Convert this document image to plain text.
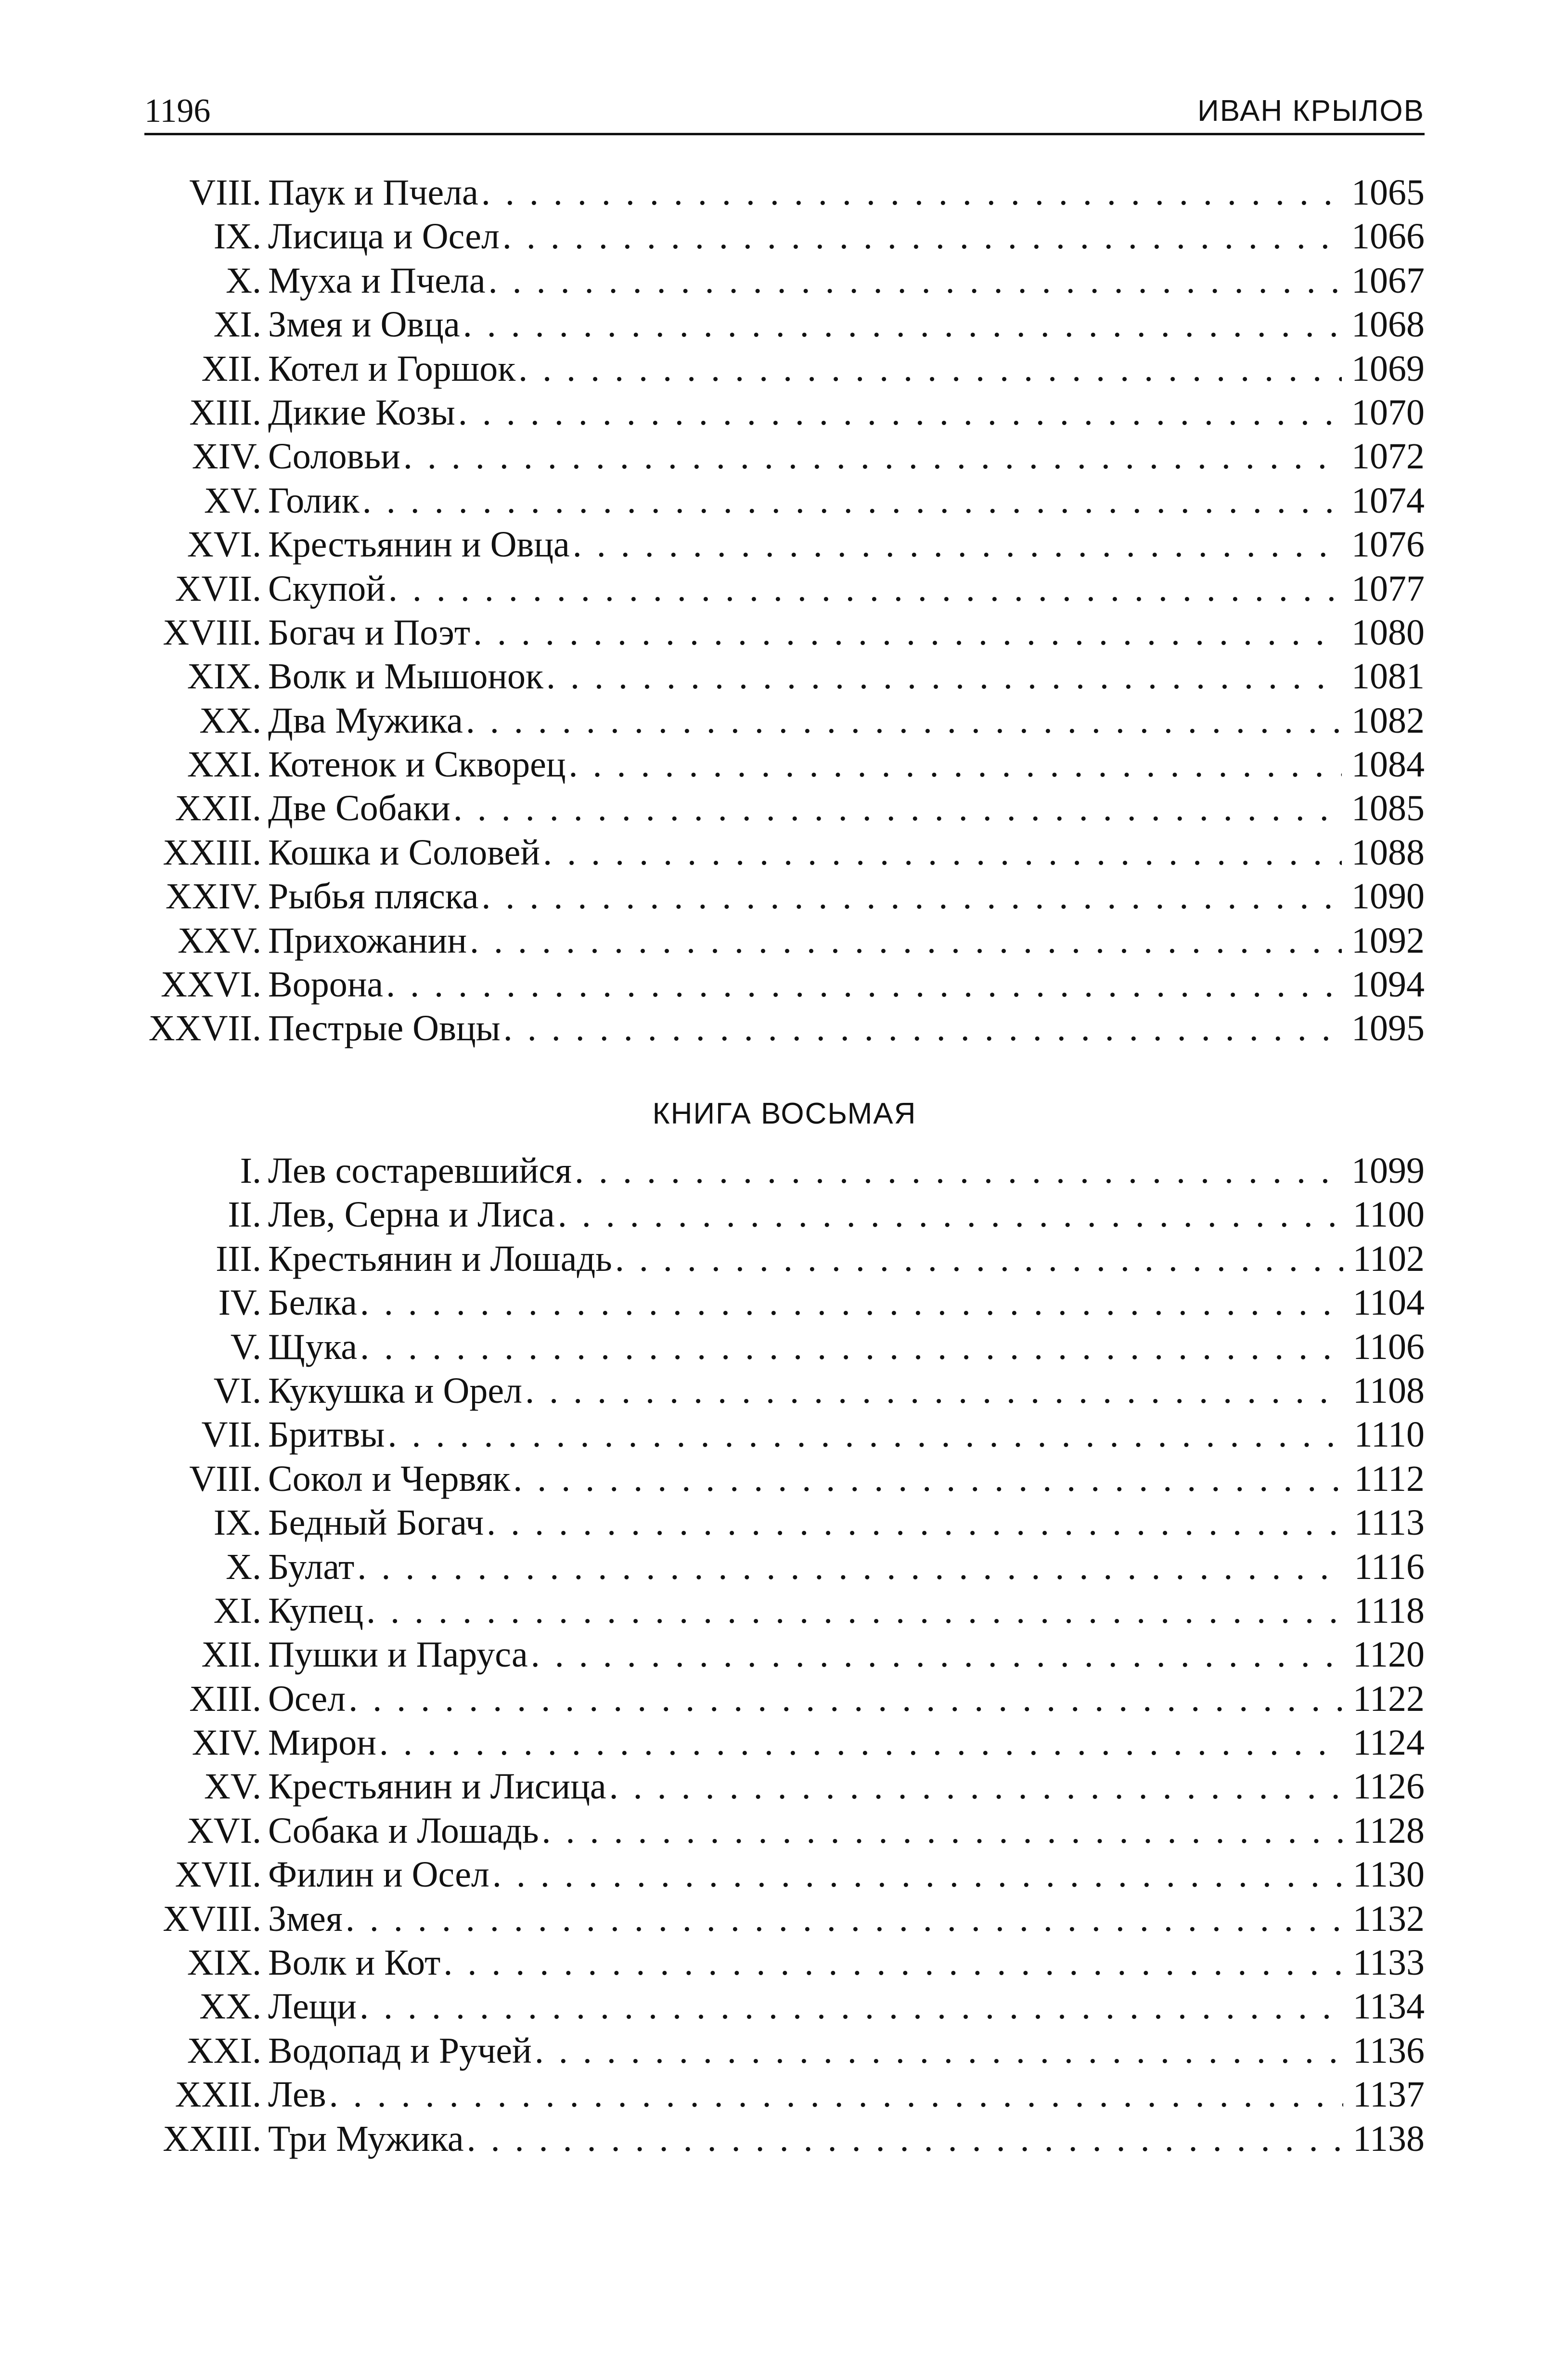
1196	ИВАН КРЫЛОВ
VIII. Паук и Пчела . . .	1065
IX. Лисица и Осел . . .	1066
X. Муха и Пчела . . .	1067
XI. Змея и Овца . . .	1068
XII. Котел и Горшок . . .	1069
XIII. Дикие Козы . . .	1070
XIV. Соловьи . . .	1072
XV. Голик . . .	1074
XVI. Крестьянин и Овца . . .	1076
XVII. Скупой . . .	1077
XVIII. Богач и Поэт . . .	1080
XIX. Волк и Мышонок . . .	1081
XX. Два Мужика . . .	1082
XXI. Котенок и Скворец . . .	1084
XXII. Две Собаки . . .	1085
XXIII. Кошка и Соловей . . .	1088
XXIV. Рыбья пляска . . .	1090
XXV. Прихожанин . . .	1092
XXVI. Ворона . . .	1094
XXVII. Пестрые Овцы . . .	1095
КНИГА ВОСЬМАЯ
I. Лев состаревшийся . . .	1099
II. Лев, Серна и Лиса . . .	1100
III. Крестьянин и Лошадь . . .	1102
IV. Белка . . .	1104
V. Щука . . .	1106
VI. Кукушка и Орел . . .	1108
VII. Бритвы . . .	1110
VIII. Сокол и Червяк . . .	1112
IX. Бедный Богач . . .	1113
X. Булат . . .	1116
XI. Купец . . .	1118
XII. Пушки и Паруса . . .	1120
XIII. Осел . . .	1122
XIV. Мирон . . .	1124
XV. Крестьянин и Лисица . . .	1126
XVI. Собака и Лошадь . . .	1128
XVII. Филин и Осел . . .	1130
XVIII. Змея . . .	1132
XIX. Волк и Кот . . .	1133
XX. Лещи . . .	1134
XXI. Водопад и Ручей . . .	1136
XXII. Лев . . .	1137
XXIII. Три Мужика . . .	1138
